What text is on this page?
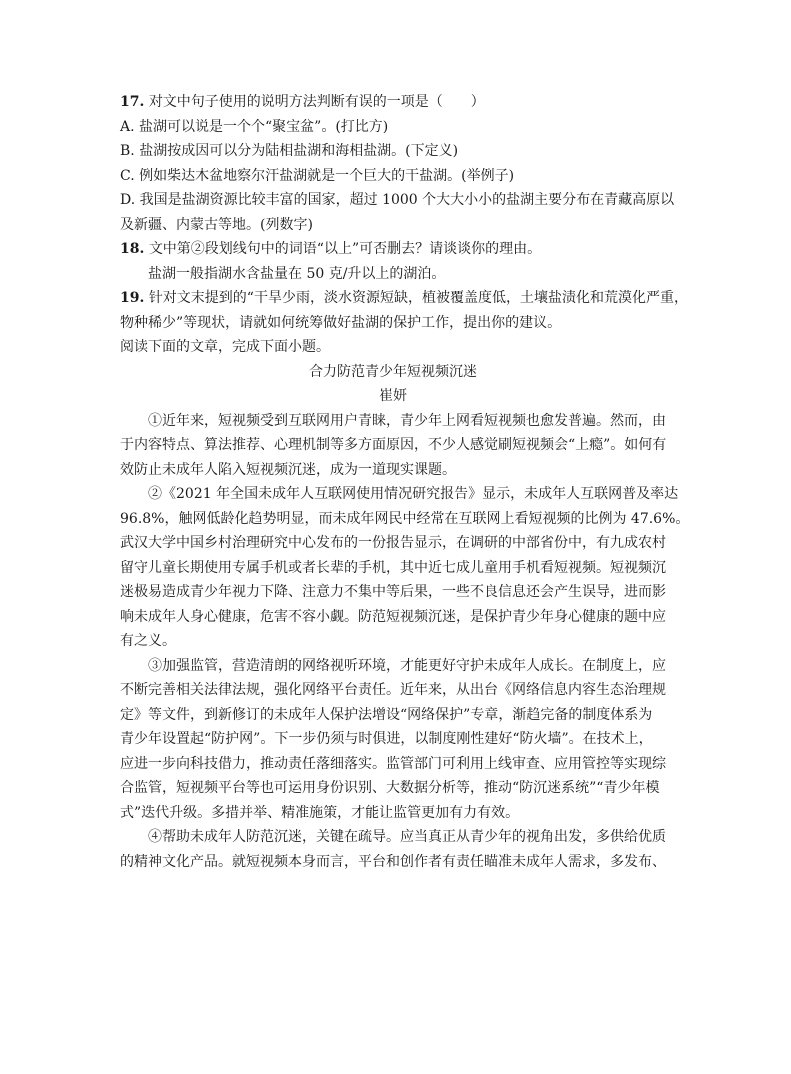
17. 对文中句子使用的说明方法判断有误的一项是（　　）
A. 盐湖可以说是一个个“聚宝盆”。(打比方)
B. 盐湖按成因可以分为陆相盐湖和海相盐湖。(下定义)
C. 例如柴达木盆地察尔汗盐湖就是一个巨大的干盐湖。(举例子)
D. 我国是盐湖资源比较丰富的国家，超过 1000 个大大小小的盐湖主要分布在青藏高原以
及新疆、内蒙古等地。(列数字)
18. 文中第②段划线句中的词语“以上”可否删去？请谈谈你的理由。
盐湖一般指湖水含盐量在 50 克/升以上的湖泊。
19. 针对文末提到的“干旱少雨，淡水资源短缺，植被覆盖度低，土壤盐渍化和荒漠化严重，
物种稀少”等现状，请就如何统筹做好盐湖的保护工作，提出你的建议。
阅读下面的文章，完成下面小题。
合力防范青少年短视频沉迷
崔妍
①近年来，短视频受到互联网用户青睐，青少年上网看短视频也愈发普遍。然而，由
于内容特点、算法推荐、心理机制等多方面原因，不少人感觉刷短视频会“上瘾”。如何有
效防止未成年人陷入短视频沉迷，成为一道现实课题。
②《2021 年全国未成年人互联网使用情况研究报告》显示，未成年人互联网普及率达
96.8%，触网低龄化趋势明显，而未成年网民中经常在互联网上看短视频的比例为 47.6%。
武汉大学中国乡村治理研究中心发布的一份报告显示，在调研的中部省份中，有九成农村
留守儿童长期使用专属手机或者长辈的手机，其中近七成儿童用手机看短视频。短视频沉
迷极易造成青少年视力下降、注意力不集中等后果，一些不良信息还会产生误导，进而影
响未成年人身心健康，危害不容小觑。防范短视频沉迷，是保护青少年身心健康的题中应
有之义。
③加强监管，营造清朗的网络视听环境，才能更好守护未成年人成长。在制度上，应
不断完善相关法律法规，强化网络平台责任。近年来，从出台《网络信息内容生态治理规
定》等文件，到新修订的未成年人保护法增设“网络保护”专章，渐趋完备的制度体系为
青少年设置起“防护网”。下一步仍须与时俱进，以制度刚性建好“防火墙”。在技术上，
应进一步向科技借力，推动责任落细落实。监管部门可利用上线审查、应用管控等实现综
合监管，短视频平台等也可运用身份识别、大数据分析等，推动“防沉迷系统”“青少年模
式”迭代升级。多措并举、精准施策，才能让监管更加有力有效。
④帮助未成年人防范沉迷，关键在疏导。应当真正从青少年的视角出发，多供给优质
的精神文化产品。就短视频本身而言，平台和创作者有责任瞄准未成年人需求，多发布、
